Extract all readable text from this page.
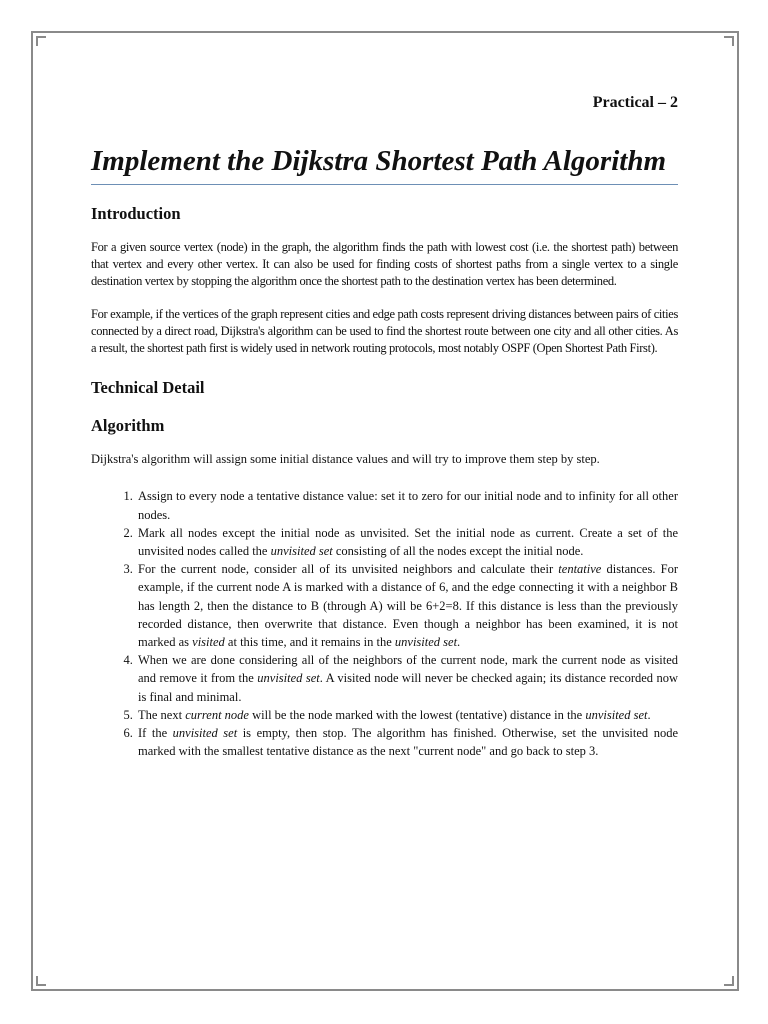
Practical – 2
Implement the Dijkstra Shortest Path Algorithm
Introduction

For a given source vertex (node) in the graph, the algorithm finds the path with lowest cost (i.e. the shortest path) between that vertex and every other vertex. It can also be used for finding costs of shortest paths from a single vertex to a single destination vertex by stopping the algorithm once the shortest path to the destination vertex has been determined.

For example, if the vertices of the graph represent cities and edge path costs represent driving distances between pairs of cities connected by a direct road, Dijkstra's algorithm can be used to find the shortest route between one city and all other cities. As a result, the shortest path first is widely used in network routing protocols, most notably OSPF (Open Shortest Path First).

Technical Detail
Algorithm

Dijkstra's algorithm will assign some initial distance values and will try to improve them step by step.

1. Assign to every node a tentative distance value: set it to zero for our initial node and to infinity for all other nodes.
2. Mark all nodes except the initial node as unvisited. Set the initial node as current. Create a set of the unvisited nodes called the unvisited set consisting of all the nodes except the initial node.
3. For the current node, consider all of its unvisited neighbors and calculate their tentative distances. For example, if the current node A is marked with a distance of 6, and the edge connecting it with a neighbor B has length 2, then the distance to B (through A) will be 6+2=8. If this distance is less than the previously recorded distance, then overwrite that distance. Even though a neighbor has been examined, it is not marked as visited at this time, and it remains in the unvisited set.
4. When we are done considering all of the neighbors of the current node, mark the current node as visited and remove it from the unvisited set. A visited node will never be checked again; its distance recorded now is final and minimal.
5. The next current node will be the node marked with the lowest (tentative) distance in the unvisited set.
6. If the unvisited set is empty, then stop. The algorithm has finished. Otherwise, set the unvisited node marked with the smallest tentative distance as the next "current node" and go back to step 3.
